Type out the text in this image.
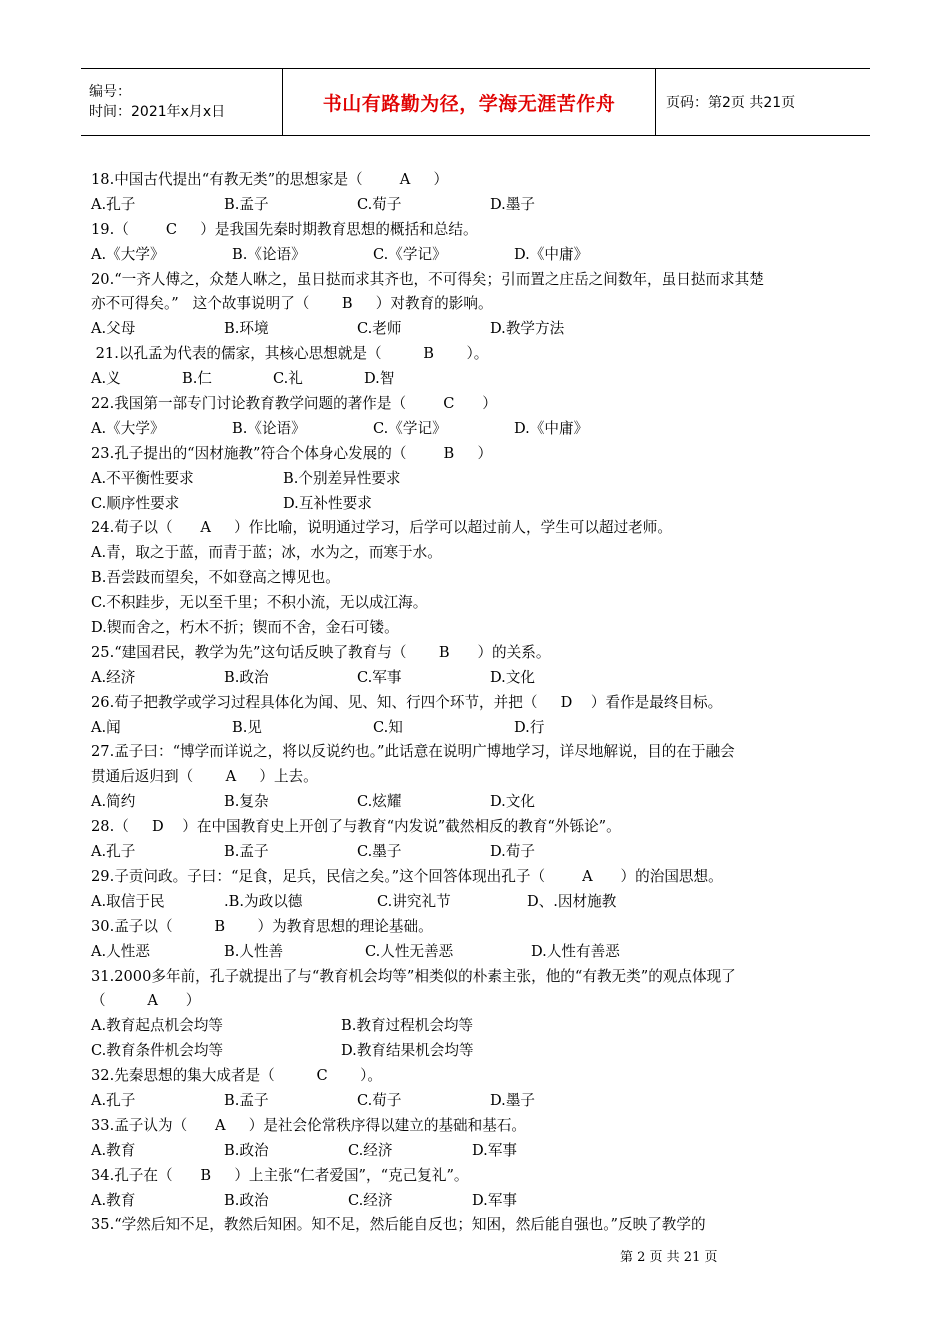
编号：
时间：2021年x月x日	书山有路勤为径，学海无涯苦作舟	页码：第2页 共21页
18.中国古代提出“有教无类”的思想家是（        A     ）
A.孔子	B.孟子	C.荀子	D.墨子
19.（        C     ）是我国先秦时期教育思想的概括和总结。
A.《大学》	B.《论语》	C.《学记》	D.《中庸》
20.“一齐人傅之，众楚人咻之，虽日挞而求其齐也，不可得矣；引而置之庄岳之间数年，虽日挞而求其楚
亦不可得矣。”   这个故事说明了（       B     ）对教育的影响。
A.父母	B.环境	C.老师	D.教学方法
21.以孔孟为代表的儒家，其核心思想就是（         B       ）。
A.义	B.仁	C.礼	D.智
22.我国第一部专门讨论教育教学问题的著作是（        C      ）
A.《大学》	B.《论语》	C.《学记》	D.《中庸》
23.孔子提出的“因材施教”符合个体身心发展的（        B     ）
A.不平衡性要求	B.个别差异性要求
C.顺序性要求	D.互补性要求
24.荀子以（      A     ）作比喻，说明通过学习，后学可以超过前人，学生可以超过老师。
A.青，取之于蓝，而青于蓝；冰，水为之，而寒于水。
B.吾尝跂而望矣，不如登高之博见也。
C.不积跬步，无以至千里；不积小流，无以成江海。
D.锲而舍之，朽木不折；锲而不舍，金石可镂。
25.“建国君民，教学为先”这句话反映了教育与（       B      ）的关系。
A.经济	B.政治	C.军事	D.文化
26.荀子把教学或学习过程具体化为闻、见、知、行四个环节，并把（     D    ）看作是最终目标。
A.闻	B.见	C.知	D.行
27.孟子曰：“博学而详说之，将以反说约也。”此话意在说明广博地学习，详尽地解说，目的在于融会
贯通后返归到（       A     ）上去。
A.简约	B.复杂	C.炫耀	D.文化
28.（     D    ）在中国教育史上开创了与教育“内发说”截然相反的教育“外铄论”。
A.孔子	B.孟子	C.墨子	D.荀子
29.子贡问政。子曰：“足食，足兵，民信之矣。”这个回答体现出孔子（        A      ）的治国思想。
A.取信于民	.B.为政以德	C.讲究礼节	D、.因材施教
30.孟子以（         B       ）为教育思想的理论基础。
A.人性恶	B.人性善	C.人性无善恶	D.人性有善恶
31.2000多年前，孔子就提出了与“教育机会均等”相类似的朴素主张，他的“有教无类”的观点体现了
（         A      ）
A.教育起点机会均等	B.教育过程机会均等
C.教育条件机会均等	D.教育结果机会均等
32.先秦思想的集大成者是（         C       ）。
A.孔子	B.孟子	C.荀子	D.墨子
33.孟子认为（      A     ）是社会伦常秩序得以建立的基础和基石。
A.教育	B.政治	C.经济	D.军事
34.孔子在（      B     ）上主张“仁者爱国”，“克己复礼”。
A.教育	B.政治	C.经济	D.军事
35.“学然后知不足，教然后知困。知不足，然后能自反也；知困，然后能自强也。”反映了教学的
第 2 页 共 21 页
